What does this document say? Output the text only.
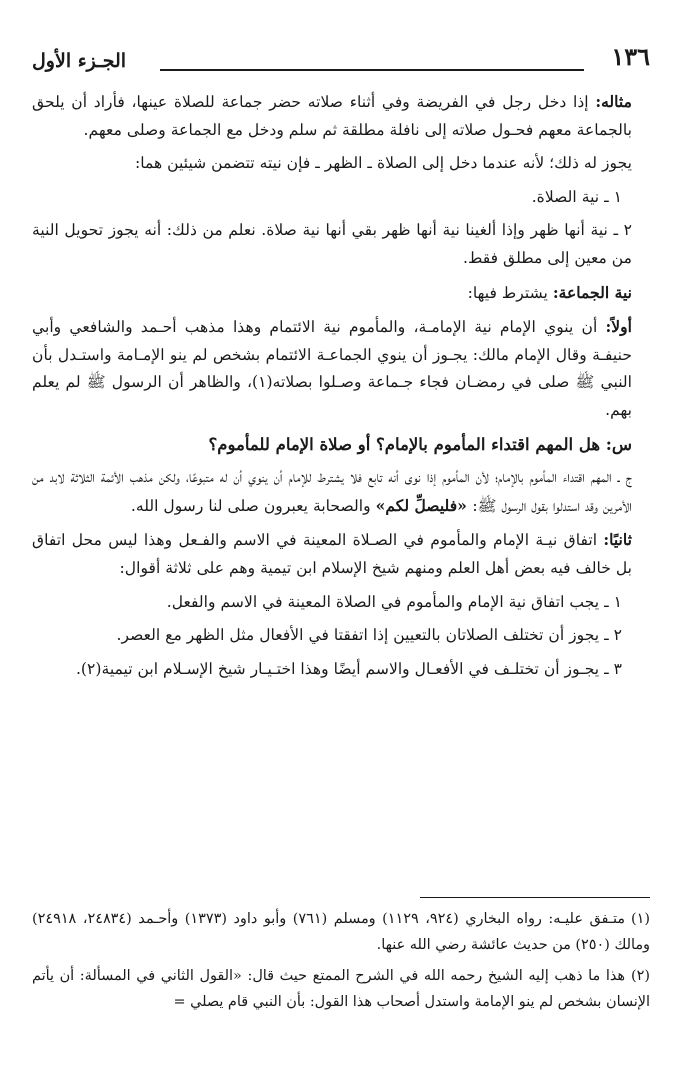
الجـزء الأول	١٣٦

مثاله: إذا دخل رجل في الفريضة وفي أثناء صلاته حضر جماعة للصلاة عينها، فأراد أن يلحق بالجماعة معهم فحـول صلاته إلى نافلة مطلقة ثم سلم ودخل مع الجماعة وصلى معهم.

يجوز له ذلك؛ لأنه عندما دخل إلى الصلاة ـ الظهر ـ فإن نيته تتضمن شيئين هما:

١ ـ نية الصلاة.

٢ ـ نية أنها ظهر وإذا ألغينا نية أنها ظهر بقي أنها نية صلاة. نعلم من ذلك: أنه يجوز تحويل النية من معين إلى مطلق فقط.

نية الجماعة: يشترط فيها:

أولاً: أن ينوي الإمام نية الإمامـة، والمأموم نية الائتمام وهذا مذهب أحـمد والشافعي وأبي حنيفـة وقال الإمام مالك: يجـوز أن ينوي الجماعـة الائتمام بشخص لم ينو الإمـامة واستـدل بأن النبي ﷺ صلى في رمضـان فجاء جـماعة وصـلوا بصلاته(١)، والظاهر أن الرسول ﷺ لم يعلم بهم.

س: هل المهم اقتداء المأموم بالإمام؟ أو صلاة الإمام للمأموم؟

ج ـ المهم اقتداء المأموم بالإمام؛ لأن المأموم إذا نوى أنه تابع فلا يشترط للإمام أن ينوي أن له متبوعًا، ولكن مذهب الأئمة الثلاثة لابد من الأمرين وقد استدلوا بقول الرسول ﷺ: «فليصلِّ لكم» والصحابة يعبرون صلى لنا رسول الله.

ثانيًا: اتفاق نيـة الإمام والمأموم في الصـلاة المعينة في الاسم والفـعل وهذا ليس محل اتفاق بل خالف فيه بعض أهل العلم ومنهم شيخ الإسلام ابن تيمية وهم على ثلاثة أقوال:

١ ـ يجب اتفاق نية الإمام والمأموم في الصلاة المعينة في الاسم والفعل.

٢ ـ يجوز أن تختلف الصلاتان بالتعيين إذا اتفقتا في الأفعال مثل الظهر مع العصر.

٣ ـ يجـوز أن تختلـف في الأفعـال والاسم أيضًا وهذا اختـيـار شيخ الإسـلام ابن تيمية(٢).

(١)متـفق عليـه: رواه البخاري (٩٢٤، ١١٢٩) ومسلم (٧٦١) وأبو داود (١٣٧٣) وأحـمد (٢٤٨٣٤، ٢٤٩١٨) ومالك (٢٥٠) من حديث عائشة رضي الله عنها.

(٢)هذا ما ذهب إليه الشيخ رحمه الله في الشرح الممتع حيث قال: «القول الثاني في المسألة: أن يأتم الإنسان بشخص لم ينو الإمامة واستدل أصحاب هذا القول: بأن النبي قام يصلي =
